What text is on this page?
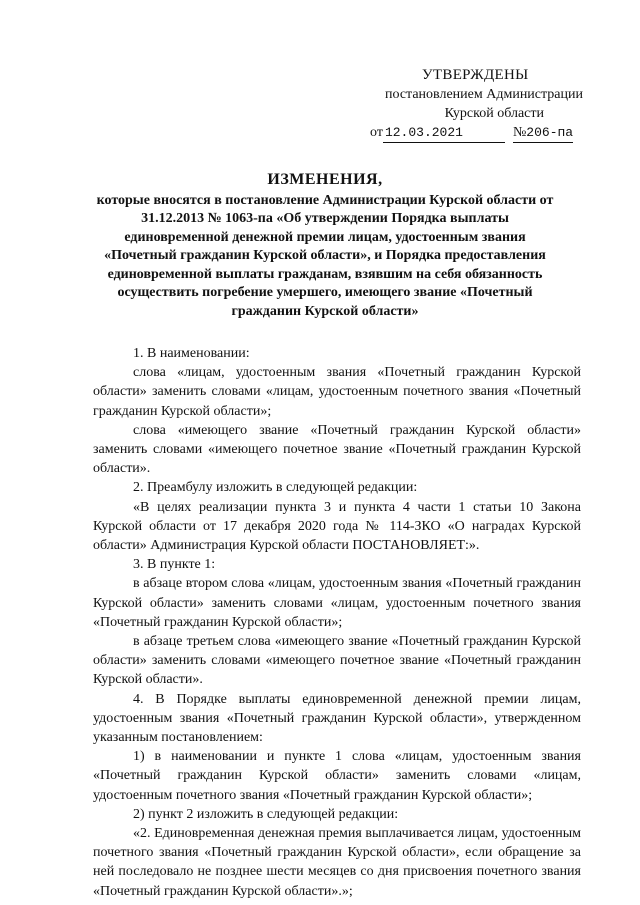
УТВЕРЖДЕНЫ
постановлением Администрации
Курской области
от 12.03.2021	№206-па
ИЗМЕНЕНИЯ,
которые вносятся в постановление Администрации Курской области от 31.12.2013 № 1063-па «Об утверждении Порядка выплаты единовременной денежной премии лицам, удостоенным звания «Почетный гражданин Курской области», и Порядка предоставления единовременной выплаты гражданам, взявшим на себя обязанность осуществить погребение умершего, имеющего звание «Почетный гражданин Курской области»

1. В наименовании:

слова «лицам, удостоенным звания «Почетный гражданин Курской области» заменить словами «лицам, удостоенным почетного звания «Почетный гражданин Курской области»;

слова «имеющего звание «Почетный гражданин Курской области» заменить словами «имеющего почетное звание «Почетный гражданин Курской области».

2. Преамбулу изложить в следующей редакции:

«В целях реализации пункта 3 и пункта 4 части 1 статьи 10 Закона Курской области от 17 декабря 2020 года № 114-ЗКО «О наградах Курской области» Администрация Курской области ПОСТАНОВЛЯЕТ:».

3. В пункте 1:

в абзаце втором слова «лицам, удостоенным звания «Почетный гражданин Курской области» заменить словами «лицам, удостоенным почетного звания «Почетный гражданин Курской области»;

в абзаце третьем слова «имеющего звание «Почетный гражданин Курской области» заменить словами «имеющего почетное звание «Почетный гражданин Курской области».

4. В Порядке выплаты единовременной денежной премии лицам, удостоенным звания «Почетный гражданин Курской области», утвержденном указанным постановлением:

1) в наименовании и пункте 1 слова «лицам, удостоенным звания «Почетный гражданин Курской области» заменить словами «лицам, удостоенным почетного звания «Почетный гражданин Курской области»;

2) пункт 2 изложить в следующей редакции:

«2. Единовременная денежная премия выплачивается лицам, удостоенным почетного звания «Почетный гражданин Курской области», если обращение за ней последовало не позднее шести месяцев со дня присвоения почетного звания «Почетный гражданин Курской области».»;
